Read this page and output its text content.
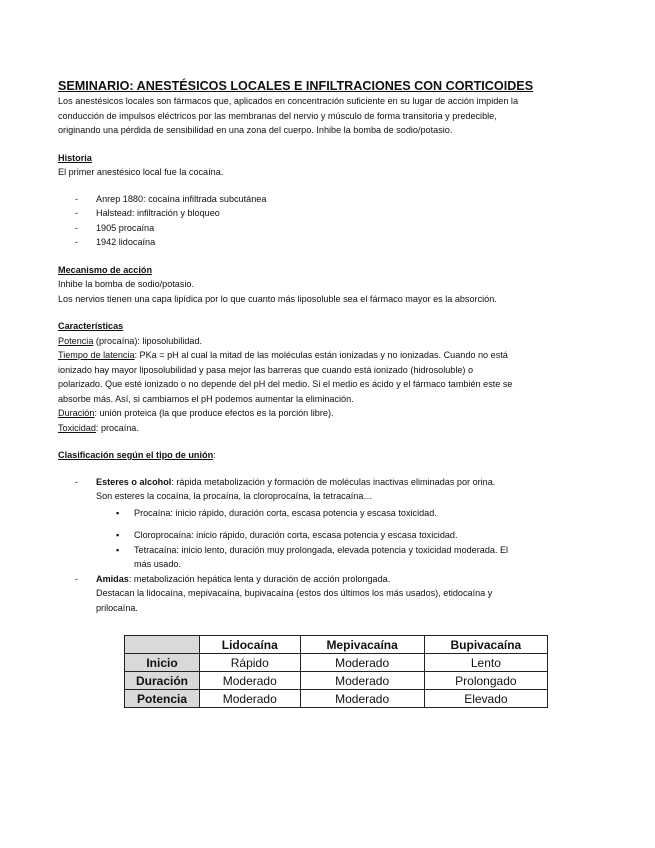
SEMINARIO: ANESTÉSICOS LOCALES E INFILTRACIONES CON CORTICOIDES

Los anestésicos locales son fármacos que, aplicados en concentración suficiente en su lugar de acción impiden la

conducción de impulsos eléctricos por las membranas del nervio y músculo de forma transitoria y predecible,

originando una pérdida de sensibilidad en una zona del cuerpo. Inhibe la bomba de sodio/potasio.

Historia

El primer anestésico local fue la cocaína.

- Anrep 1880: cocaína infiltrada subcutánea
- Halstead: infiltración y bloqueo
- 1905 procaína
- 1942 lidocaína

Mecanismo de acción

Inhibe la bomba de sodio/potasio.

Los nervios tienen una capa lipídica por lo que cuanto más liposoluble sea el fármaco mayor es la absorción.

Características

Potencia (procaína): liposolubilidad.

Tiempo de latencia: PKa = pH al cual la mitad de las moléculas están ionizadas y no ionizadas. Cuando no está

ionizado hay mayor liposolubilidad y pasa mejor las barreras que cuando está ionizado (hidrosoluble) o

polarizado. Que esté ionizado o no depende del pH del medio. Si el medio es ácido y el fármaco también este se

absorbe más. Así, si cambiamos el pH podemos aumentar la eliminación.

Duración: unión proteica (la que produce efectos es la porción libre).

Toxicidad: procaína.

Clasificación según el tipo de unión:

- Esteres o alcohol: rápida metabolización y formación de moléculas inactivas eliminadas por orina.

Son esteres la cocaína, la procaína, la cloroprocaína, la tetracaína…

▪ Procaína: inicio rápido, duración corta, escasa potencia y escasa toxicidad.
▪ Cloroprocaína: inicio rápido, duración corta, escasa potencia y escasa toxicidad.
▪ Tetracaína: inicio lento, duración muy prolongada, elevada potencia y toxicidad moderada. El
más usado.
- Amidas: metabolización hepática lenta y duración de acción prolongada.

Destacan la lidocaína, mepivacaína, bupivacaína (estos dos últimos los más usados), etidocaína y

prilocaína.

	Lidocaína	Mepivacaína	Bupivacaína
Inicio	Rápido	Moderado	Lento
Duración	Moderado	Moderado	Prolongado
Potencia	Moderado	Moderado	Elevado
